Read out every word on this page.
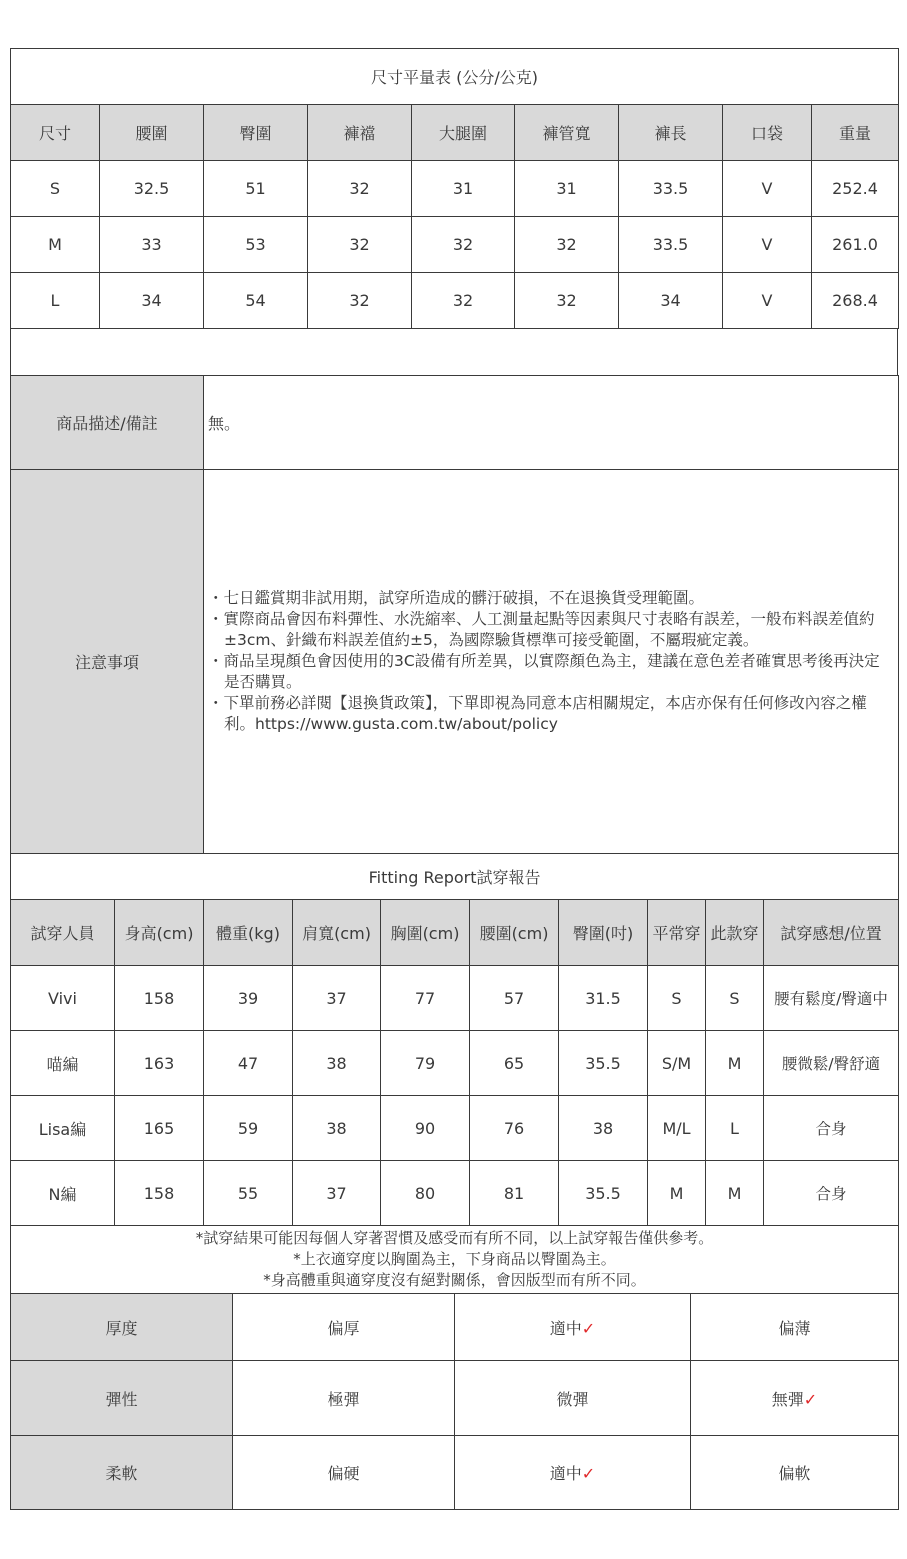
尺寸平量表 (公分/公克)								
尺寸	腰圍	臀圍	褲襠	大腿圍	褲管寬	褲長	口袋	重量
S	32.5	51	32	31	31	33.5	V	252.4
M	33	53	32	32	32	33.5	V	261.0
L	34	54	32	32	32	34	V	268.4
商品描述/備註	無。
注意事項	・七日鑑賞期非試用期，試穿所造成的髒汙破損，不在退換貨受理範圍。

・實際商品會因布料彈性、水洗縮率、人工測量起點等因素與尺寸表略有誤差，一般布料誤差值約±3cm、針織布料誤差值約±5，為國際驗貨標準可接受範圍，不屬瑕疵定義。

・商品呈現顏色會因使用的3C設備有所差異，以實際顏色為主，建議在意色差者確實思考後再決定是否購買。

・下單前務必詳閱【退換貨政策】，下單即視為同意本店相關規定，本店亦保有任何修改內容之權利。https://www.gusta.com.tw/about/policy

Fitting Report試穿報告									
試穿人員	身高(cm)	體重(kg)	肩寬(cm)	胸圍(cm)	腰圍(cm)	臀圍(吋)	平常穿	此款穿	試穿感想/位置
Vivi	158	39	37	77	57	31.5	S	S	腰有鬆度/臀適中
喵編	163	47	38	79	65	35.5	S/M	M	腰微鬆/臀舒適
Lisa編	165	59	38	90	76	38	M/L	L	合身
N編	158	55	37	80	81	35.5	M	M	合身

*試穿結果可能因每個人穿著習慣及感受而有所不同，以上試穿報告僅供參考。
*上衣適穿度以胸圍為主，下身商品以臀圍為主。
*身高體重與適穿度沒有絕對關係，會因版型而有所不同。									
厚度	偏厚	適中✓	偏薄
彈性	極彈	微彈	無彈✓
柔軟	偏硬	適中✓	偏軟
